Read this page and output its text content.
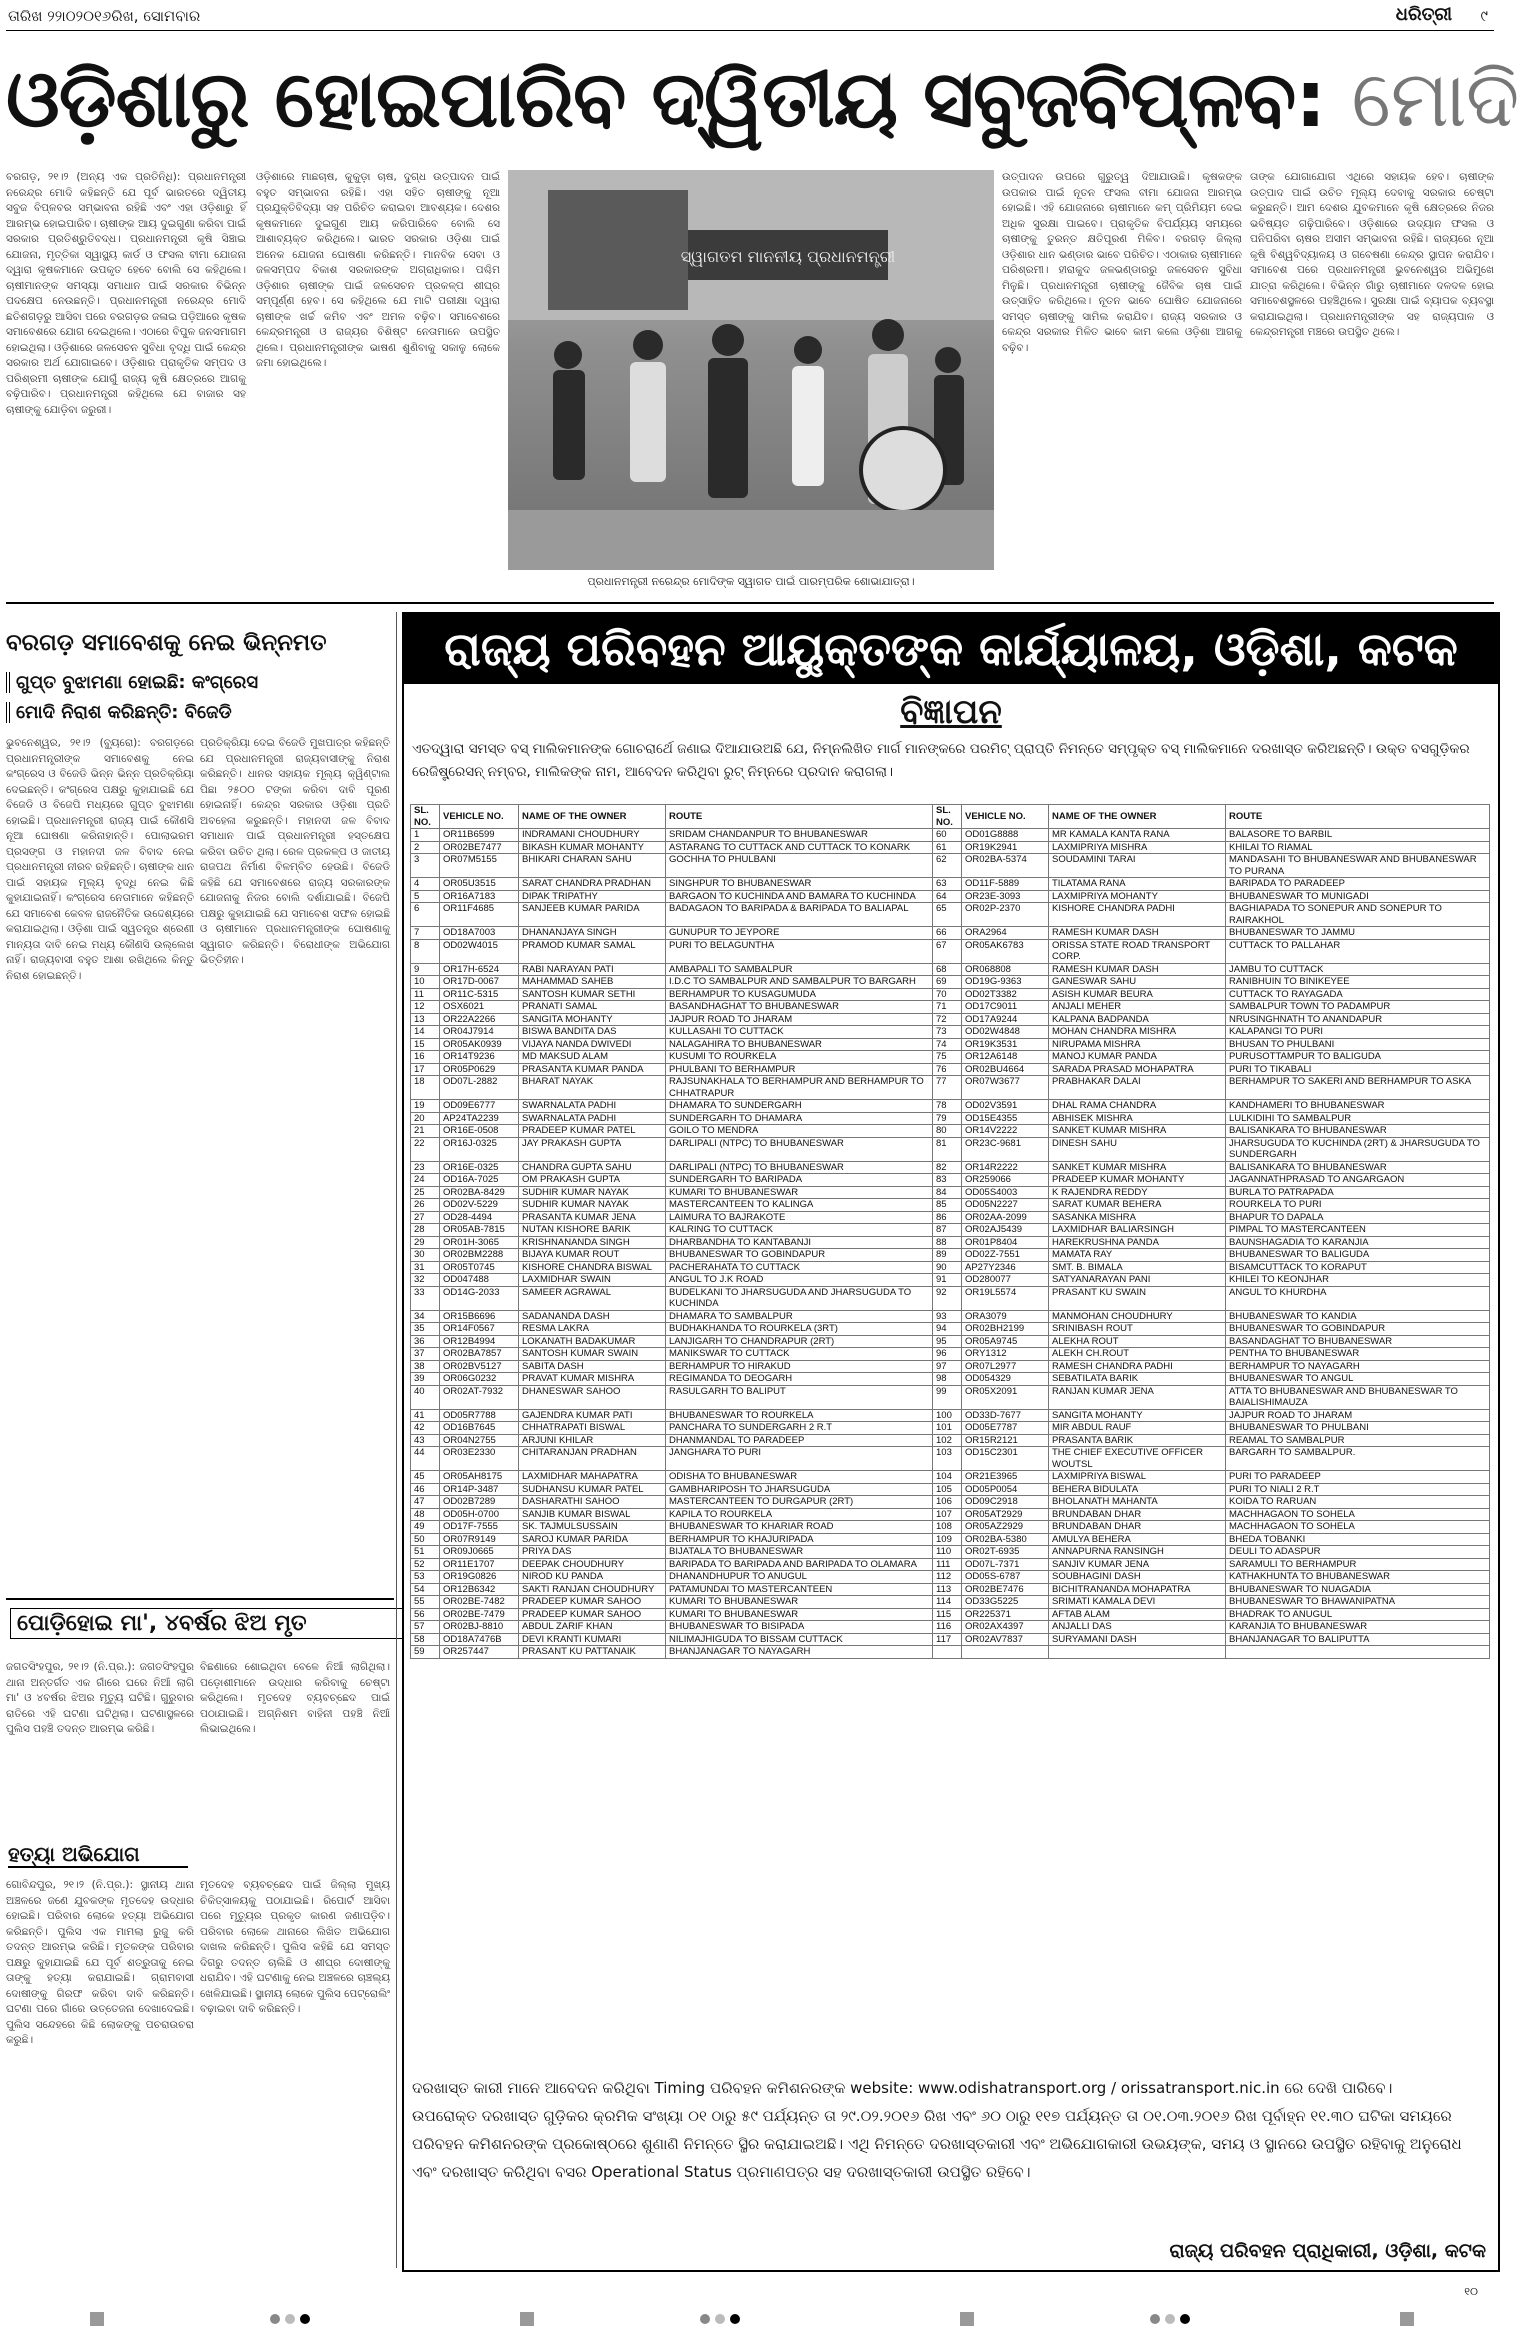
ତାରିଖ ୨୨ାଠ୨୦୧୬ରିଖ, ସୋମବାର	ଧରିତ୍ରୀ ୯
ଓଡ଼ିଶାରୁ ହୋଇପାରିବ ଦ୍ୱିତୀୟ ସବୁଜବିପ୍ଳବ: ମୋଦି
ବରଗଡ଼, ୨୧।୨ (ଅନ୍ୟ ଏକ ପ୍ରତିନିଧି): ପ୍ରଧାନମନ୍ତ୍ରୀ ନରେନ୍ଦ୍ର ମୋଦି କହିଛନ୍ତି ଯେ ପୂର୍ବ ଭାରତରେ ଦ୍ୱିତୀୟ ସବୁଜ ବିପ୍ଳବର ସମ୍ଭାବନା ରହିଛି ଏବଂ ଏହା ଓଡ଼ିଶାରୁ ହିଁ ଆରମ୍ଭ ହୋଇପାରିବ। ଚାଷୀଙ୍କ ଆୟ ଦୁଇଗୁଣା କରିବା ପାଇଁ ସରକାର ପ୍ରତିଶ୍ରୁତିବଦ୍ଧ। ପ୍ରଧାନମନ୍ତ୍ରୀ କୃଷି ସିଞ୍ଚାଇ ଯୋଜନା, ମୃତ୍ତିକା ସ୍ୱାସ୍ଥ୍ୟ କାର୍ଡ ଓ ଫସଲ ବୀମା ଯୋଜନା ଦ୍ୱାରା କୃଷକମାନେ ଉପକୃତ ହେବେ ବୋଲି ସେ କହିଥିଲେ। ଚାଷୀମାନଙ୍କ ସମସ୍ୟା ସମାଧାନ ପାଇଁ ସରକାର ବିଭିନ୍ନ ପଦକ୍ଷେପ ନେଉଛନ୍ତି। ପ୍ରଧାନମନ୍ତ୍ରୀ ନରେନ୍ଦ୍ର ମୋଦି ଛତିଶଗଡ଼ରୁ ଆସିବା ପରେ ବରଗଡ଼ର ଜଳାଇ ପଡ଼ିଆରେ କୃଷକ ସମାବେଶରେ ଯୋଗ ଦେଇଥିଲେ। ଏଠାରେ ବିପୁଳ ଜନସମାଗମ ହୋଇଥିଲା। ଓଡ଼ିଶାରେ ଜଳସେଚନ ସୁବିଧା ବୃଦ୍ଧି ପାଇଁ କେନ୍ଦ୍ର ସରକାର ଅର୍ଥ ଯୋଗାଇବେ। ଓଡ଼ିଶାର ପ୍ରାକୃତିକ ସମ୍ପଦ ଓ ପରିଶ୍ରମୀ ଚାଷୀଙ୍କ ଯୋଗୁଁ ରାଜ୍ୟ କୃଷି କ୍ଷେତ୍ରରେ ଆଗକୁ ବଢ଼ିପାରିବ। ପ୍ରଧାନମନ୍ତ୍ରୀ କହିଥିଲେ ଯେ ବାଜାର ସହ ଚାଷୀଙ୍କୁ ଯୋଡ଼ିବା ଜରୁରୀ।
ଓଡ଼ିଶାରେ ମାଛଚାଷ, କୁକୁଡ଼ା ଚାଷ, ଦୁଗ୍ଧ ଉତ୍ପାଦନ ପାଇଁ ବହୁତ ସମ୍ଭାବନା ରହିଛି। ଏହା ସହିତ ଚାଷୀଙ୍କୁ ନୂଆ ପ୍ରଯୁକ୍ତିବିଦ୍ୟା ସହ ପରିଚିତ କରାଇବା ଆବଶ୍ୟକ। ଦେଶର କୃଷକମାନେ ଦୁଇଗୁଣ ଆୟ କରିପାରିବେ ବୋଲି ସେ ଆଶାବ୍ୟକ୍ତ କରିଥିଲେ। ଭାରତ ସରକାର ଓଡ଼ିଶା ପାଇଁ ଅନେକ ଯୋଜନା ଘୋଷଣା କରିଛନ୍ତି। ମାନବିକ ସେବା ଓ ଜଳସମ୍ପଦ ବିକାଶ ସରକାରଙ୍କ ଅଗ୍ରାଧିକାର। ପଶ୍ଚିମ ଓଡ଼ିଶାର ଚାଷୀଙ୍କ ପାଇଁ ଜଳସେଚନ ପ୍ରକଳ୍ପ ଶୀଘ୍ର ସମ୍ପୂର୍ଣ୍ଣ ହେବ। ସେ କହିଥିଲେ ଯେ ମାଟି ପରୀକ୍ଷା ଦ୍ୱାରା ଚାଷୀଙ୍କ ଖର୍ଚ୍ଚ କମିବ ଏବଂ ଅମଳ ବଢ଼ିବ। ସମାବେଶରେ କେନ୍ଦ୍ରମନ୍ତ୍ରୀ ଓ ରାଜ୍ୟର ବିଶିଷ୍ଟ ନେତାମାନେ ଉପସ୍ଥିତ ଥିଲେ। ପ୍ରଧାନମନ୍ତ୍ରୀଙ୍କ ଭାଷଣ ଶୁଣିବାକୁ ସକାଳୁ ଲୋକେ ଜମା ହୋଇଥିଲେ।
ସ୍ୱାଗତମ ମାନନୀୟ ପ୍ରଧାନମନ୍ତ୍ରୀ
ପ୍ରଧାନମନ୍ତ୍ରୀ ନରେନ୍ଦ୍ର ମୋଦିଙ୍କ ସ୍ୱାଗତ ପାଇଁ ପାରମ୍ପରିକ ଶୋଭାଯାତ୍ରା।
ଉତ୍ପାଦନ ଉପରେ ଗୁରୁତ୍ୱ ଦିଆଯାଉଛି। କୃଷକଙ୍କ ଉପକାର ପାଇଁ ନୂତନ ଫସଲ ବୀମା ଯୋଜନା ଆରମ୍ଭ ହୋଇଛି। ଏହି ଯୋଜନାରେ ଚାଷୀମାନେ କମ୍ ପ୍ରିମିୟମ ଦେଇ ଅଧିକ ସୁରକ୍ଷା ପାଇବେ। ପ୍ରାକୃତିକ ବିପର୍ଯ୍ୟୟ ସମୟରେ ଚାଷୀଙ୍କୁ ତୁରନ୍ତ କ୍ଷତିପୂରଣ ମିଳିବ। ବରଗଡ଼ ଜିଲ୍ଲା ଓଡ଼ିଶାର ଧାନ ଭଣ୍ଡାର ଭାବେ ପରିଚିତ। ଏଠାକାର ଚାଷୀମାନେ ପରିଶ୍ରମୀ। ହୀରାକୁଦ ଜଳଭଣ୍ଡାରରୁ ଜଳସେଚନ ସୁବିଧା ମିଳୁଛି। ପ୍ରଧାନମନ୍ତ୍ରୀ ଚାଷୀଙ୍କୁ ଜୈବିକ ଚାଷ ପାଇଁ ଉତ୍ସାହିତ କରିଥିଲେ। ନୂତନ ଭାବେ ଘୋଷିତ ଯୋଜନାରେ ସମସ୍ତ ଚାଷୀଙ୍କୁ ସାମିଲ କରାଯିବ। ରାଜ୍ୟ ସରକାର ଓ କେନ୍ଦ୍ର ସରକାର ମିଳିତ ଭାବେ କାମ କଲେ ଓଡ଼ିଶା ଆଗକୁ ବଢ଼ିବ।
ତାଙ୍କ ଯୋଗାଯୋଗ ଏଥିରେ ସହାୟକ ହେବ। ଚାଷୀଙ୍କ ଉତ୍ପାଦ ପାଇଁ ଉଚିତ ମୂଲ୍ୟ ଦେବାକୁ ସରକାର ଚେଷ୍ଟା କରୁଛନ୍ତି। ଆମ ଦେଶର ଯୁବକମାନେ କୃଷି କ୍ଷେତ୍ରରେ ନିଜର ଭବିଷ୍ୟତ ଗଢ଼ିପାରିବେ। ଓଡ଼ିଶାରେ ଉଦ୍ୟାନ ଫସଲ ଓ ପନିପରିବା ଚାଷର ଅସୀମ ସମ୍ଭାବନା ରହିଛି। ରାଜ୍ୟରେ ନୂଆ କୃଷି ବିଶ୍ୱବିଦ୍ୟାଳୟ ଓ ଗବେଷଣା କେନ୍ଦ୍ର ସ୍ଥାପନ କରାଯିବ। ସମାବେଶ ପରେ ପ୍ରଧାନମନ୍ତ୍ରୀ ଭୁବନେଶ୍ୱର ଅଭିମୁଖେ ଯାତ୍ରା କରିଥିଲେ। ବିଭିନ୍ନ ଗାଁରୁ ଚାଷୀମାନେ ଦଳଦଳ ହୋଇ ସମାବେଶସ୍ଥଳରେ ପହଞ୍ଚିଥିଲେ। ସୁରକ୍ଷା ପାଇଁ ବ୍ୟାପକ ବ୍ୟବସ୍ଥା କରାଯାଇଥିଲା। ପ୍ରଧାନମନ୍ତ୍ରୀଙ୍କ ସହ ରାଜ୍ୟପାଳ ଓ କେନ୍ଦ୍ରମନ୍ତ୍ରୀ ମଞ୍ଚରେ ଉପସ୍ଥିତ ଥିଲେ।
ବରଗଡ଼ ସମାବେଶକୁ ନେଇ ଭିନ୍ନମତ
ଗୁପ୍ତ ବୁଝାମଣା ହୋଇଛି: କଂଗ୍ରେସ
ମୋଦି ନିରାଶ କରିଛନ୍ତି: ବିଜେଡି
ଭୁବନେଶ୍ୱର, ୨୧।୨ (ବ୍ୟୁରୋ): ବରଗଡ଼ରେ ପ୍ରଧାନମନ୍ତ୍ରୀଙ୍କ ସମାବେଶକୁ ନେଇ କଂଗ୍ରେସ ଓ ବିଜେଡି ଭିନ୍ନ ଭିନ୍ନ ପ୍ରତିକ୍ରିୟା ଦେଇଛନ୍ତି। କଂଗ୍ରେସ ପକ୍ଷରୁ କୁହାଯାଇଛି ଯେ ବିଜେଡି ଓ ବିଜେପି ମଧ୍ୟରେ ଗୁପ୍ତ ବୁଝାମଣା ହୋଇଛି। ପ୍ରଧାନମନ୍ତ୍ରୀ ରାଜ୍ୟ ପାଇଁ କୌଣସି ନୂଆ ଘୋଷଣା କରିନାହାନ୍ତି। ପୋଲାଭରମ ପ୍ରସଙ୍ଗ ଓ ମହାନଦୀ ଜଳ ବିବାଦ ନେଇ ପ୍ରଧାନମନ୍ତ୍ରୀ ନୀରବ ରହିଛନ୍ତି। ଚାଷୀଙ୍କ ଧାନ ପାଇଁ ସହାୟକ ମୂଲ୍ୟ ବୃଦ୍ଧି ନେଇ କିଛି କୁହାଯାଇନାହିଁ। କଂଗ୍ରେସ ନେତାମାନେ କହିଛନ୍ତି ଯେ ସମାବେଶ କେବଳ ରାଜନୈତିକ ଉଦ୍ଦେଶ୍ୟରେ କରାଯାଇଥିଲା। ଓଡ଼ିଶା ପାଇଁ ସ୍ୱତନ୍ତ୍ର ଶ୍ରେଣୀ ମାନ୍ୟତା ଦାବି ନେଇ ମଧ୍ୟ କୌଣସି ଉଲ୍ଲେଖ ନାହିଁ। ରାଜ୍ୟବାସୀ ବହୁତ ଆଶା ରଖିଥିଲେ କିନ୍ତୁ ନିରାଶ ହୋଇଛନ୍ତି।
ପ୍ରତିକ୍ରିୟା ଦେଇ ବିଜେଡି ମୁଖପାତ୍ର କହିଛନ୍ତି ଯେ ପ୍ରଧାନମନ୍ତ୍ରୀ ରାଜ୍ୟବାସୀଙ୍କୁ ନିରାଶ କରିଛନ୍ତି। ଧାନର ସହାୟକ ମୂଲ୍ୟ କ୍ୱିଣ୍ଟାଲ ପିଛା ୨୫୦୦ ଟଙ୍କା କରିବା ଦାବି ପୂରଣ ହୋଇନାହିଁ। କେନ୍ଦ୍ର ସରକାର ଓଡ଼ିଶା ପ୍ରତି ଅବହେଳା କରୁଛନ୍ତି। ମହାନଦୀ ଜଳ ବିବାଦ ସମାଧାନ ପାଇଁ ପ୍ରଧାନମନ୍ତ୍ରୀ ହସ୍ତକ୍ଷେପ କରିବା ଉଚିତ ଥିଲା। ରେଳ ପ୍ରକଳ୍ପ ଓ ଜାତୀୟ ରାଜପଥ ନିର୍ମାଣ ବିଳମ୍ବିତ ହେଉଛି। ବିଜେଡି କହିଛି ଯେ ସମାବେଶରେ ରାଜ୍ୟ ସରକାରଙ୍କ ଯୋଜନାକୁ ନିଜର ବୋଲି ଦର୍ଶାଯାଇଛି। ବିଜେପି ପକ୍ଷରୁ କୁହାଯାଇଛି ଯେ ସମାବେଶ ସଫଳ ହୋଇଛି ଓ ଚାଷୀମାନେ ପ୍ରଧାନମନ୍ତ୍ରୀଙ୍କ ଘୋଷଣାକୁ ସ୍ୱାଗତ କରିଛନ୍ତି। ବିରୋଧୀଙ୍କ ଅଭିଯୋଗ ଭିତ୍ତିହୀନ।
ପୋଡ଼ିହୋଇ ମା', ୪ବର୍ଷର ଝିଅ ମୃତ
ଜଗତସିଂହପୁର, ୨୧।୨ (ନି.ପ୍ର.): ଜଗତସିଂହପୁର ଥାନା ଅନ୍ତର୍ଗତ ଏକ ଗାଁରେ ଘରେ ନିଆଁ ଲାଗି ମା' ଓ ୪ବର୍ଷର ଝିଅର ମୃତ୍ୟୁ ଘଟିଛି। ଗୁରୁବାର ରାତିରେ ଏହି ଘଟଣା ଘଟିଥିଲା। ଘଟଣାସ୍ଥଳରେ ପୁଲିସ ପହଞ୍ଚି ତଦନ୍ତ ଆରମ୍ଭ କରିଛି।
ବିଛଣାରେ ଶୋଇଥିବା ବେଳେ ନିଆଁ ଲାଗିଥିଲା। ପଡ଼ୋଶୀମାନେ ଉଦ୍ଧାର କରିବାକୁ ଚେଷ୍ଟା କରିଥିଲେ। ମୃତଦେହ ବ୍ୟବଚ୍ଛେଦ ପାଇଁ ପଠାଯାଇଛି। ଅଗ୍ନିଶମ ବାହିନୀ ପହଞ୍ଚି ନିଆଁ ଲିଭାଇଥିଲେ।
ହତ୍ୟା ଅଭିଯୋଗ
ଗୋବିନ୍ଦପୁର, ୨୧।୨ (ନି.ପ୍ର.): ସ୍ଥାନୀୟ ଥାନା ଅଞ୍ଚଳରେ ଜଣେ ଯୁବକଙ୍କ ମୃତଦେହ ଉଦ୍ଧାର ହୋଇଛି। ପରିବାର ଲୋକେ ହତ୍ୟା ଅଭିଯୋଗ କରିଛନ୍ତି। ପୁଲିସ ଏକ ମାମଲା ରୁଜୁ କରି ତଦନ୍ତ ଆରମ୍ଭ କରିଛି। ମୃତକଙ୍କ ପରିବାର ପକ୍ଷରୁ କୁହାଯାଇଛି ଯେ ପୂର୍ବ ଶତ୍ରୁତାକୁ ନେଇ ତାଙ୍କୁ ହତ୍ୟା କରାଯାଇଛି। ଗ୍ରାମବାସୀ ଦୋଷୀଙ୍କୁ ଗିରଫ କରିବା ଦାବି କରିଛନ୍ତି। ଘଟଣା ପରେ ଗାଁରେ ଉତ୍ତେଜନା ଦେଖାଦେଇଛି। ପୁଲିସ ସନ୍ଦେହରେ କିଛି ଲୋକଙ୍କୁ ପଚରାଉଚରା କରୁଛି।
ମୃତଦେହ ବ୍ୟବଚ୍ଛେଦ ପାଇଁ ଜିଲ୍ଲା ମୁଖ୍ୟ ଚିକିତ୍ସାଳୟକୁ ପଠାଯାଇଛି। ରିପୋର୍ଟ ଆସିବା ପରେ ମୃତ୍ୟୁର ପ୍ରକୃତ କାରଣ ଜଣାପଡ଼ିବ। ପରିବାର ଲୋକେ ଥାନାରେ ଲିଖିତ ଅଭିଯୋଗ ଦାଖଲ କରିଛନ୍ତି। ପୁଲିସ କହିଛି ଯେ ସମସ୍ତ ଦିଗରୁ ତଦନ୍ତ ଚାଲିଛି ଓ ଶୀଘ୍ର ଦୋଷୀଙ୍କୁ ଧରାଯିବ। ଏହି ଘଟଣାକୁ ନେଇ ଅଞ୍ଚଳରେ ଚାଞ୍ଚଲ୍ୟ ଖେଳିଯାଇଛି। ସ୍ଥାନୀୟ ଲୋକେ ପୁଲିସ ପେଟ୍ରୋଲିଂ ବଢ଼ାଇବା ଦାବି କରିଛନ୍ତି।
ରାଜ୍ୟ ପରିବହନ ଆୟୁକ୍ତଙ୍କ କାର୍ଯ୍ୟାଳୟ, ଓଡ଼ିଶା, କଟକ
ବିଜ୍ଞାପନ
ଏତଦ୍ୱାରା ସମସ୍ତ ବସ୍ ମାଲିକମାନଙ୍କ ଗୋଚରାର୍ଥେ ଜଣାଇ ଦିଆଯାଉଅଛି ଯେ, ନିମ୍ନଲିଖିତ ମାର୍ଗ ମାନଙ୍କରେ ପରମିଟ୍ ପ୍ରାପ୍ତି ନିମନ୍ତେ ସମ୍ପୃକ୍ତ ବସ୍ ମାଲିକମାନେ ଦରଖାସ୍ତ କରିଅଛନ୍ତି। ଉକ୍ତ ବସଗୁଡ଼ିକର ରେଜିଷ୍ଟ୍ରେସନ୍ ନମ୍ବର, ମାଲିକଙ୍କ ନାମ, ଆବେଦନ କରିଥିବା ରୁଟ୍ ନିମ୍ନରେ ପ୍ରଦାନ କରାଗଲା।
SL. NO.	VEHICLE NO.	NAME OF THE OWNER	ROUTE	SL. NO.	VEHICLE NO.	NAME OF THE OWNER	ROUTE
1	OR11B6599	INDRAMANI CHOUDHURY	SRIDAM CHANDANPUR TO BHUBANESWAR	60	OD01G8888	MR KAMALA KANTA RANA	BALASORE TO BARBIL
2	OR02BE7477	BIKASH KUMAR MOHANTY	ASTARANG TO CUTTACK AND CUTTACK TO KONARK	61	OR19K2941	LAXMIPRIYA MISHRA	KHILAI TO RIAMAL
3	OR07M5155	BHIKARI CHARAN SAHU	GOCHHA TO PHULBANI	62	OR02BA-5374	SOUDAMINI TARAI	MANDASAHI TO BHUBANESWAR AND BHUBANESWAR TO PURANA
4	OR05U3515	SARAT CHANDRA PRADHAN	SINGHPUR TO BHUBANESWAR	63	OD11F-5889	TILATAMA RANA	BARIPADA TO PARADEEP
5	OR16A7183	DIPAK TRIPATHY	BARGAON TO KUCHINDA AND BAMARA TO KUCHINDA	64	OR23E-3093	LAXMIPRIYA MOHANTY	BHUBANESWAR TO MUNIGADI
6	OR11F4685	SANJEEB KUMAR PARIDA	BADAGAON TO BARIPADA & BARIPADA TO BALIAPAL	65	OR02P-2370	KISHORE CHANDRA PADHI	BAGHIAPADA TO SONEPUR AND SONEPUR TO RAIRAKHOL
7	OD18A7003	DHANANJAYA SINGH	GUNUPUR TO JEYPORE	66	ORA2964	RAMESH KUMAR DASH	BHUBANESWAR TO JAMMU
8	OD02W4015	PRAMOD KUMAR SAMAL	PURI TO BELAGUNTHA	67	OR05AK6783	ORISSA STATE ROAD TRANSPORT CORP.	CUTTACK TO PALLAHAR
9	OR17H-6524	RABI NARAYAN PATI	AMBAPALI TO SAMBALPUR	68	OR068808	RAMESH KUMAR DASH	JAMBU TO CUTTACK
10	OR17D-0067	MAHAMMAD SAHEB	I.D.C TO SAMBALPUR AND SAMBALPUR TO BARGARH	69	OD19G-9363	GANESWAR SAHU	RANIBHUIN TO BINIKEYEE
11	OR11C-5315	SANTOSH KUMAR SETHI	BERHAMPUR TO KUSAGUMUDA	70	OD02T3382	ASISH KUMAR BEURA	CUTTACK TO RAYAGADA
12	OSX6021	PRANATI SAMAL	BASANDHAGHAT TO BHUBANESWAR	71	OD17C9011	ANJALI MEHER	SAMBALPUR TOWN TO PADAMPUR
13	OR22A2266	SANGITA MOHANTY	JAJPUR ROAD TO JHARAM	72	OD17A9244	KALPANA BADPANDA	NRUSINGHNATH TO ANANDAPUR
14	OR04J7914	BISWA BANDITA DAS	KULLASAHI TO CUTTACK	73	OD02W4848	MOHAN CHANDRA MISHRA	KALAPANGI TO PURI
15	OR05AK0939	VIJAYA NANDA DWIVEDI	NALAGAHIRA TO BHUBANESWAR	74	OR19K3531	NIRUPAMA MISHRA	BHUSAN TO PHULBANI
16	OR14T9236	MD MAKSUD ALAM	KUSUMI TO ROURKELA	75	OR12A6148	MANOJ KUMAR PANDA	PURUSOTTAMPUR TO BALIGUDA
17	OR05P0629	PRASANTA KUMAR PANDA	PHULBANI TO BERHAMPUR	76	OR02BU4664	SARADA PRASAD MOHAPATRA	PURI TO TIKABALI
18	OD07L-2882	BHARAT NAYAK	RAJSUNAKHALA TO BERHAMPUR AND BERHAMPUR TO CHHATRAPUR	77	OR07W3677	PRABHAKAR DALAI	BERHAMPUR TO SAKERI AND BERHAMPUR TO ASKA
19	OD09E6777	SWARNALATA PADHI	DHAMARA TO SUNDERGARH	78	OD02V3591	DHAL RAMA CHANDRA	KANDHAMERI TO BHUBANESWAR
20	AP24TA2239	SWARNALATA PADHI	SUNDERGARH TO DHAMARA	79	OD15E4355	ABHISEK MISHRA	LULKIDIHI TO SAMBALPUR
21	OR16E-0508	PRADEEP KUMAR PATEL	GOILO TO MENDRA	80	OR14V2222	SANKET KUMAR MISHRA	BALISANKARA TO BHUBANESWAR
22	OR16J-0325	JAY PRAKASH GUPTA	DARLIPALI (NTPC) TO BHUBANESWAR	81	OR23C-9681	DINESH SAHU	JHARSUGUDA TO KUCHINDA (2RT) & JHARSUGUDA TO SUNDERGARH
23	OR16E-0325	CHANDRA GUPTA SAHU	DARLIPALI (NTPC) TO BHUBANESWAR	82	OR14R2222	SANKET KUMAR MISHRA	BALISANKARA TO BHUBANESWAR
24	OD16A-7025	OM PRAKASH GUPTA	SUNDERGARH TO BARIPADA	83	OR259066	PRADEEP KUMAR MOHANTY	JAGANNATHPRASAD TO ANGARGAON
25	OR02BA-8429	SUDHIR KUMAR NAYAK	KUMARI TO BHUBANESWAR	84	OD05S4003	K RAJENDRA REDDY	BURLA TO PATRAPADA
26	OD02V-5229	SUDHIR KUMAR NAYAK	MASTERCANTEEN TO KALINGA	85	OD05N2227	SARAT KUMAR BEHERA	ROURKELA TO PURI
27	OD28-4494	PRASANTA KUMAR JENA	LAIMURA TO BAJRAKOTE	86	OR02AA-2099	SASANKA MISHRA	BHAPUR TO DAPALA
28	OR05AB-7815	NUTAN KISHORE BARIK	KALRING TO CUTTACK	87	OR02AJ5439	LAXMIDHAR BALIARSINGH	PIMPAL TO MASTERCANTEEN
29	OR01H-3065	KRISHNANANDA SINGH	DHARBANDHA TO KANTABANJI	88	OR01P8404	HAREKRUSHNA PANDA	BAUNSHAGADIA TO KARANJIA
30	OR02BM2288	BIJAYA KUMAR ROUT	BHUBANESWAR TO GOBINDAPUR	89	OD02Z-7551	MAMATA RAY	BHUBANESWAR TO BALIGUDA
31	OR05T0745	KISHORE CHANDRA BISWAL	PACHERAHATA TO CUTTACK	90	AP27Y2346	SMT. B. BIMALA	BISAMCUTTACK TO KORAPUT
32	OD047488	LAXMIDHAR SWAIN	ANGUL TO J.K ROAD	91	OD280077	SATYANARAYAN PANI	KHILEI TO KEONJHAR
33	OD14G-2033	SAMEER AGRAWAL	BUDELKANI TO JHARSUGUDA AND JHARSUGUDA TO KUCHINDA	92	OR19L5574	PRASANT KU SWAIN	ANGUL TO KHURDHA
34	OR15B6696	SADANANDA DASH	DHAMARA TO SAMBALPUR	93	ORA3079	MANMOHAN CHOUDHURY	BHUBANESWAR TO KANDIA
35	OR14F0567	RESMA LAKRA	BUDHAKHANDA TO ROURKELA (3RT)	94	OR02BH2199	SRINIBASH ROUT	BHUBANESWAR TO GOBINDAPUR
36	OR12B4994	LOKANATH BADAKUMAR	LANJIGARH TO CHANDRAPUR (2RT)	95	OR05A9745	ALEKHA ROUT	BASANDAGHAT TO BHUBANESWAR
37	OR02BA7857	SANTOSH KUMAR SWAIN	MANIKSWAR TO CUTTACK	96	ORY1312	ALEKH CH.ROUT	PENTHA TO BHUBANESWAR
38	OR02BV5127	SABITA DASH	BERHAMPUR TO HIRAKUD	97	OR07L2977	RAMESH CHANDRA PADHI	BERHAMPUR TO NAYAGARH
39	OR06G0232	PRAVAT KUMAR MISHRA	REGIMANDA TO DEOGARH	98	OD054329	SEBATILATA BARIK	BHUBANESWAR TO ANGUL
40	OR02AT-7932	DHANESWAR SAHOO	RASULGARH TO BALIPUT	99	OR05X2091	RANJAN KUMAR JENA	ATTA TO BHUBANESWAR AND BHUBANESWAR TO BAIALISHIMAUZA
41	OD05R7788	GAJENDRA KUMAR PATI	BHUBANESWAR TO ROURKELA	100	OD33D-7677	SANGITA MOHANTY	JAJPUR ROAD TO JHARAM
42	OD16B7645	CHHATRAPATI BISWAL	PANCHARA TO SUNDERGARH 2 R.T	101	OD05E7787	MIR ABDUL RAUF	BHUBANESWAR TO PHULBANI
43	OR04N2755	ARJUNI KHILAR	DHANMANDAL TO PARADEEP	102	OR15R2121	PRASANTA BARIK	REAMAL TO SAMBALPUR
44	OR03E2330	CHITARANJAN PRADHAN	JANGHARA TO PURI	103	OD15C2301	THE CHIEF EXECUTIVE OFFICER WOUTSL	BARGARH TO SAMBALPUR.
45	OR05AH8175	LAXMIDHAR MAHAPATRA	ODISHA TO BHUBANESWAR	104	OR21E3965	LAXMIPRIYA BISWAL	PURI TO PARADEEP
46	OR14P-3487	SUDHANSU KUMAR PATEL	GAMBHARIPOSH TO JHARSUGUDA	105	OD05P0054	BEHERA BIDULATA	PURI TO NIALI 2 R.T
47	OD02B7289	DASHARATHI SAHOO	MASTERCANTEEN TO DURGAPUR (2RT)	106	OD09C2918	BHOLANATH MAHANTA	KOIDA TO RARUAN
48	OD05H-0700	SANJIB KUMAR BISWAL	KAPILA TO ROURKELA	107	OR05AT2929	BRUNDABAN DHAR	MACHHAGAON TO SOHELA
49	OD17F-7555	SK. TAJMULSUSSAIN	BHUBANESWAR TO KHARIAR ROAD	108	OR05AZ2929	BRUNDABAN DHAR	MACHHAGAON TO SOHELA
50	OR07R9149	SAROJ KUMAR PARIDA	BERHAMPUR TO KHAJURIPADA	109	OR02BA-5380	AMULYA BEHERA	BHEDA TOBANKI
51	OR09J0665	PRIYA DAS	BIJATALA TO BHUBANESWAR	110	OR02T-6935	ANNAPURNA RANSINGH	DEULI TO ADASPUR
52	OR11E1707	DEEPAK CHOUDHURY	BARIPADA TO BARIPADA AND BARIPADA TO OLAMARA	111	OD07L-7371	SANJIV KUMAR JENA	SARAMULI TO BERHAMPUR
53	OR19G0826	NIROD KU PANDA	DHANANDHUPUR TO ANUGUL	112	OD05S-6787	SOUBHAGINI DASH	KATHAKHUNTA TO BHUBANESWAR
54	OR12B6342	SAKTI RANJAN CHOUDHURY	PATAMUNDAI TO MASTERCANTEEN	113	OR02BE7476	BICHITRANANDA MOHAPATRA	BHUBANESWAR TO NUAGADIA
55	OR02BE-7482	PRADEEP KUMAR SAHOO	KUMARI TO BHUBANESWAR	114	OD33G5225	SRIMATI KAMALA DEVI	BHUBANESWAR TO BHAWANIPATNA
56	OR02BE-7479	PRADEEP KUMAR SAHOO	KUMARI TO BHUBANESWAR	115	OR225371	AFTAB ALAM	BHADRAK TO ANUGUL
57	OR02BJ-8810	ABDUL ZARIF KHAN	BHUBANESWAR TO BISIPADA	116	OR02AX4397	ANJALLI DAS	KARANJIA TO BHUBANESWAR
58	OD18A7476B	DEVI KRANTI KUMARI	NILIMAJHIGUDA TO BISSAM CUTTACK	117	OR02AV7837	SURYAMANI DASH	BHANJANAGAR TO BALIPUTTA
59	OR257447	PRASANT KU PATTANAIK	BHANJANAGAR TO NAYAGARH				
ଦରଖାସ୍ତ କାରୀ ମାନେ ଆବେଦନ କରିଥିବା Timing ପରିବହନ କମିଶନରଙ୍କ website: www.odishatransport.org / orissatransport.nic.in ରେ ଦେଖି ପାରିବେ।
ଉପରୋକ୍ତ ଦରଖାସ୍ତ ଗୁଡ଼ିକର କ୍ରମିକ ସଂଖ୍ୟା ୦୧ ଠାରୁ ୫୯ ପର୍ଯ୍ୟନ୍ତ ତା ୨୯.୦୨.୨୦୧୬ ରିଖ ଏବଂ ୬୦ ଠାରୁ ୧୧୭ ପର୍ଯ୍ୟନ୍ତ ତା ୦୧.୦୩.୨୦୧୬ ରିଖ ପୂର୍ବାହ୍ନ ୧୧.୩୦ ଘଟିକା ସମୟରେ ପରିବହନ କମିଶନରଙ୍କ ପ୍ରକୋଷ୍ଠରେ ଶୁଣାଣି ନିମନ୍ତେ ସ୍ଥିର କରାଯାଇଅଛି। ଏଥି ନିମନ୍ତେ ଦରଖାସ୍ତକାରୀ ଏବଂ ଅଭିଯୋଗକାରୀ ଉଭୟଙ୍କ, ସମୟ ଓ ସ୍ଥାନରେ ଉପସ୍ଥିତ ରହିବାକୁ ଅନୁରୋଧ ଏବଂ ଦରଖାସ୍ତ କରିଥିବା ବସର Operational Status ପ୍ରମାଣପତ୍ର ସହ ଦରଖାସ୍ତକାରୀ ଉପସ୍ଥିତ ରହିବେ।
ରାଜ୍ୟ ପରିବହନ ପ୍ରାଧିକାରୀ, ଓଡ଼ିଶା, କଟକ
୧୦
